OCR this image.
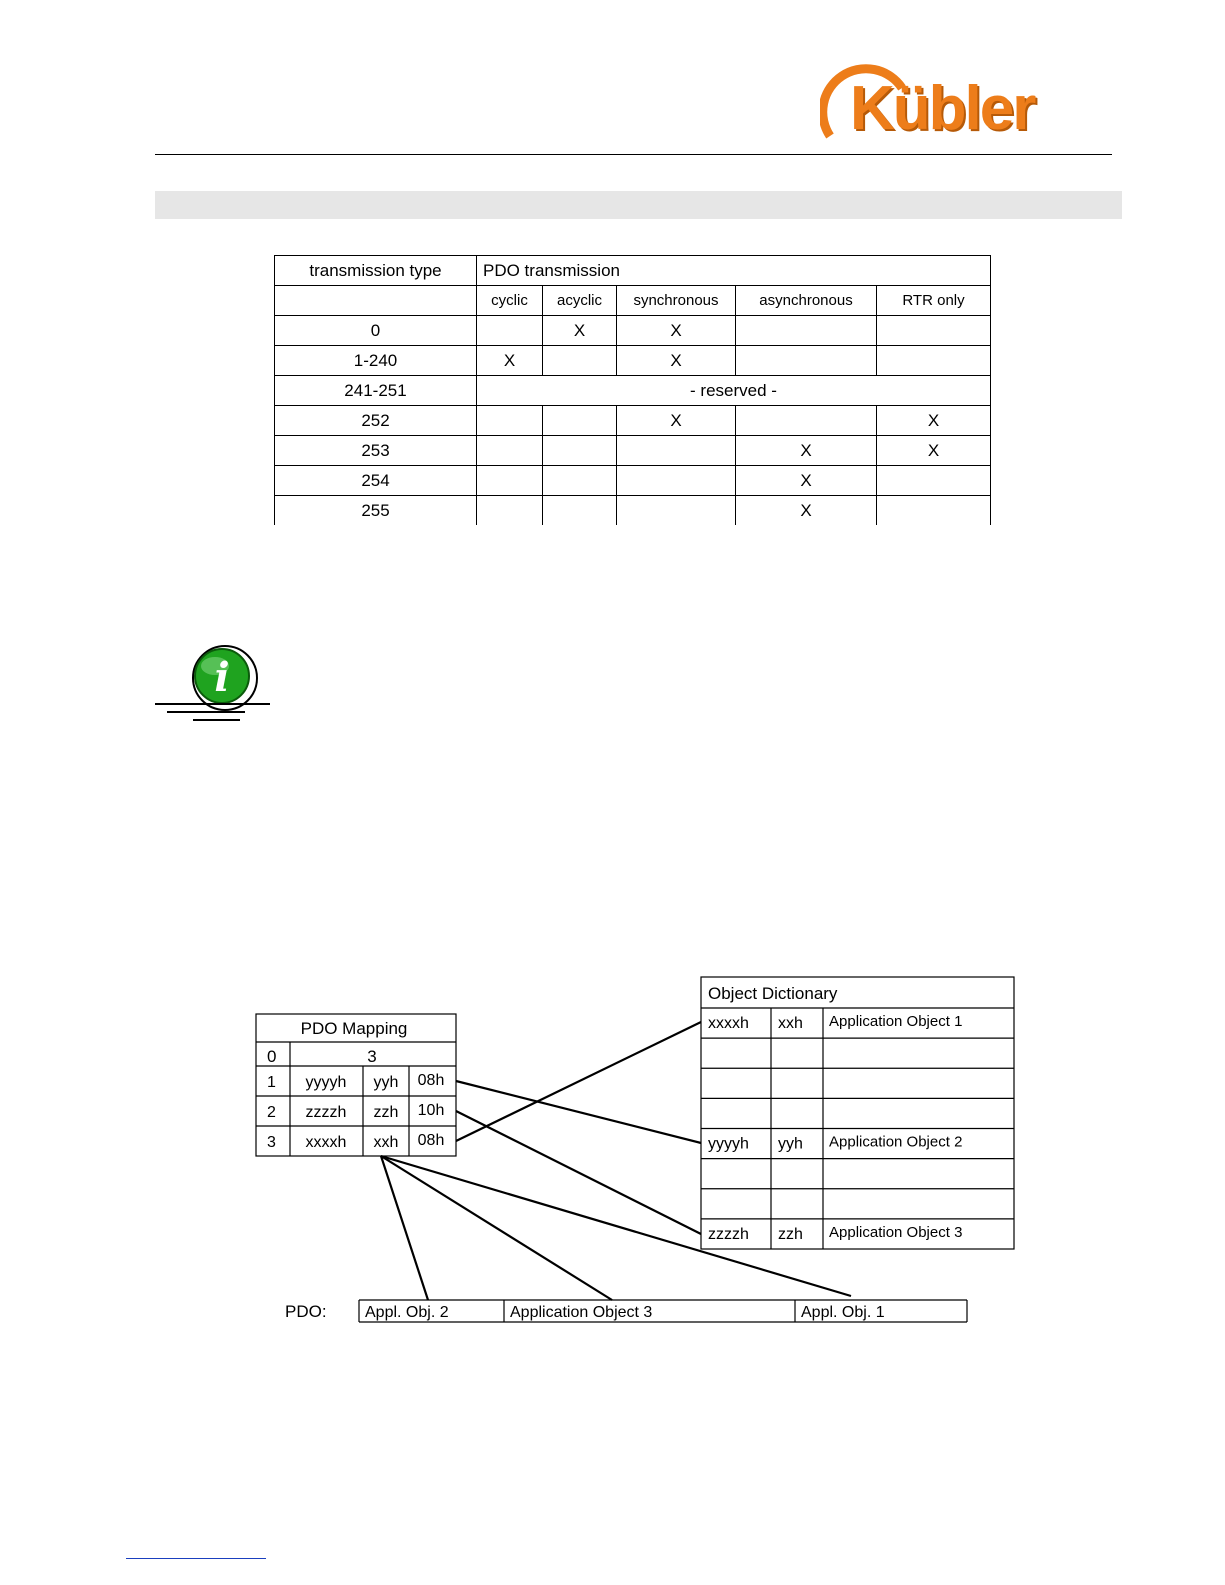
Kübler
transmission type	PDO transmission				
	cyclic	acyclic	synchronous	asynchronous	RTR only
0		X	X		
1-240	X		X		
241-251	- reserved -				
252			X		X
253				X	X
254				X	
255				X	
i
PDO Mapping
0	3
1 yyyyh yyh 08h
2 zzzzh zzh 10h
3 xxxxh xxh 08h
Object Dictionary
xxxxh xxh Application Object 1
yyyyh yyh Application Object 2
zzzzh zzh Application Object 3
PDO: Appl. Obj. 2	Application Object 3	Appl. Obj. 1
